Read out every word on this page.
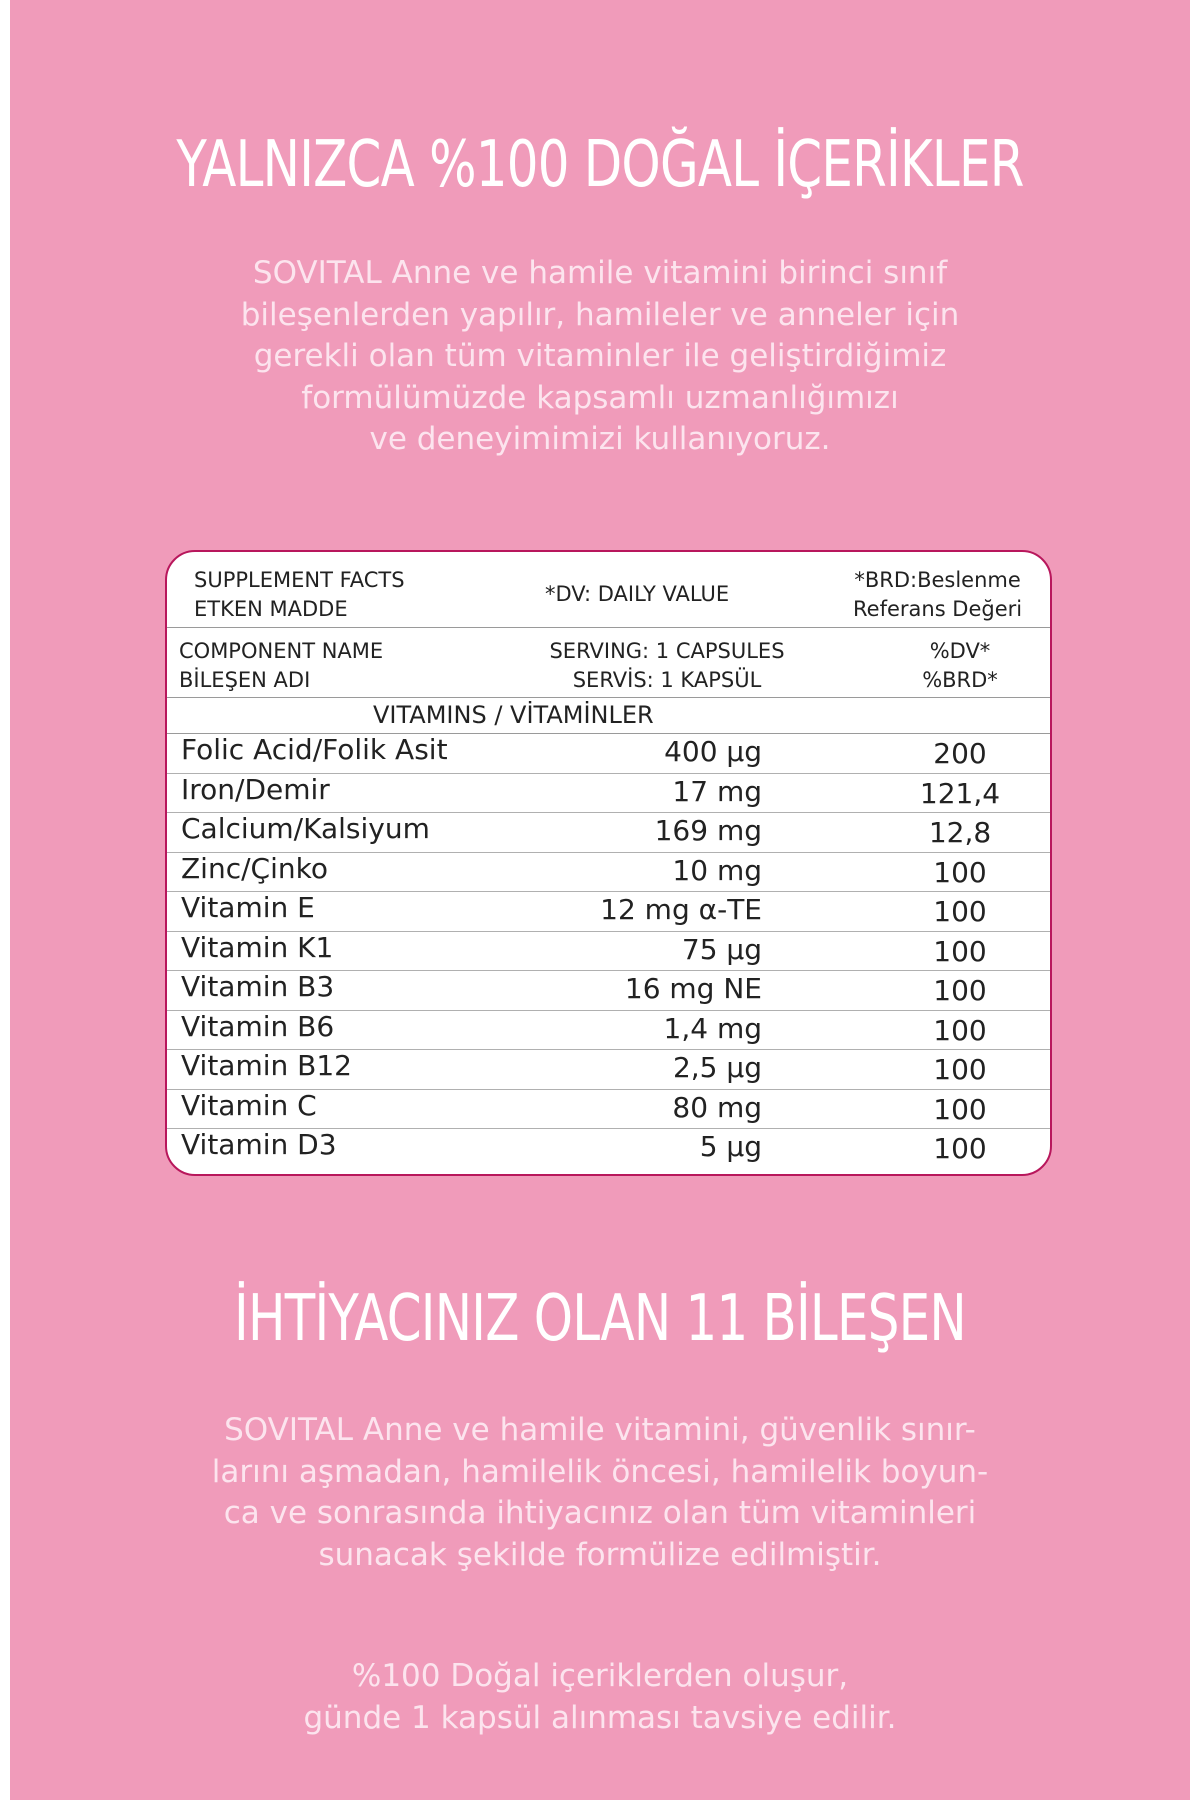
YALNIZCA %100 DOĞAL İÇERİKLER

SOVITAL Anne ve hamile vitamini birinci sınıf
bileşenlerden yapılır, hamileler ve anneler için
gerekli olan tüm vitaminler ile geliştirdiğimiz
formülümüzde kapsamlı uzmanlığımızı
ve deneyimimizi kullanıyoruz.

SUPPLEMENT FACTS
ETKEN MADDE
*DV: DAILY VALUE
*BRD:Beslenme
Referans Değeri
COMPONENT NAME
BİLEŞEN ADI
SERVING: 1 CAPSULES
SERVİS: 1 KAPSÜL
%DV*
%BRD*
VITAMINS / VİTAMİNLER
Folic Acid/Folik Asit	400 µg	200
Iron/Demir	17 mg	121,4
Calcium/Kalsiyum	169 mg	12,8
Zinc/Çinko	10 mg	100
Vitamin E	12 mg α-TE	100
Vitamin K1	75 µg	100
Vitamin B3	16 mg NE	100
Vitamin B6	1,4 mg	100
Vitamin B12	2,5 µg	100
Vitamin C	80 mg	100
Vitamin D3	5 µg	100
İHTİYACINIZ OLAN 11 BİLEŞEN

SOVITAL Anne ve hamile vitamini, güvenlik sınır-
larını aşmadan, hamilelik öncesi, hamilelik boyun-
ca ve sonrasında ihtiyacınız olan tüm vitaminleri
sunacak şekilde formülize edilmiştir.

%100 Doğal içeriklerden oluşur,
günde 1 kapsül alınması tavsiye edilir.
